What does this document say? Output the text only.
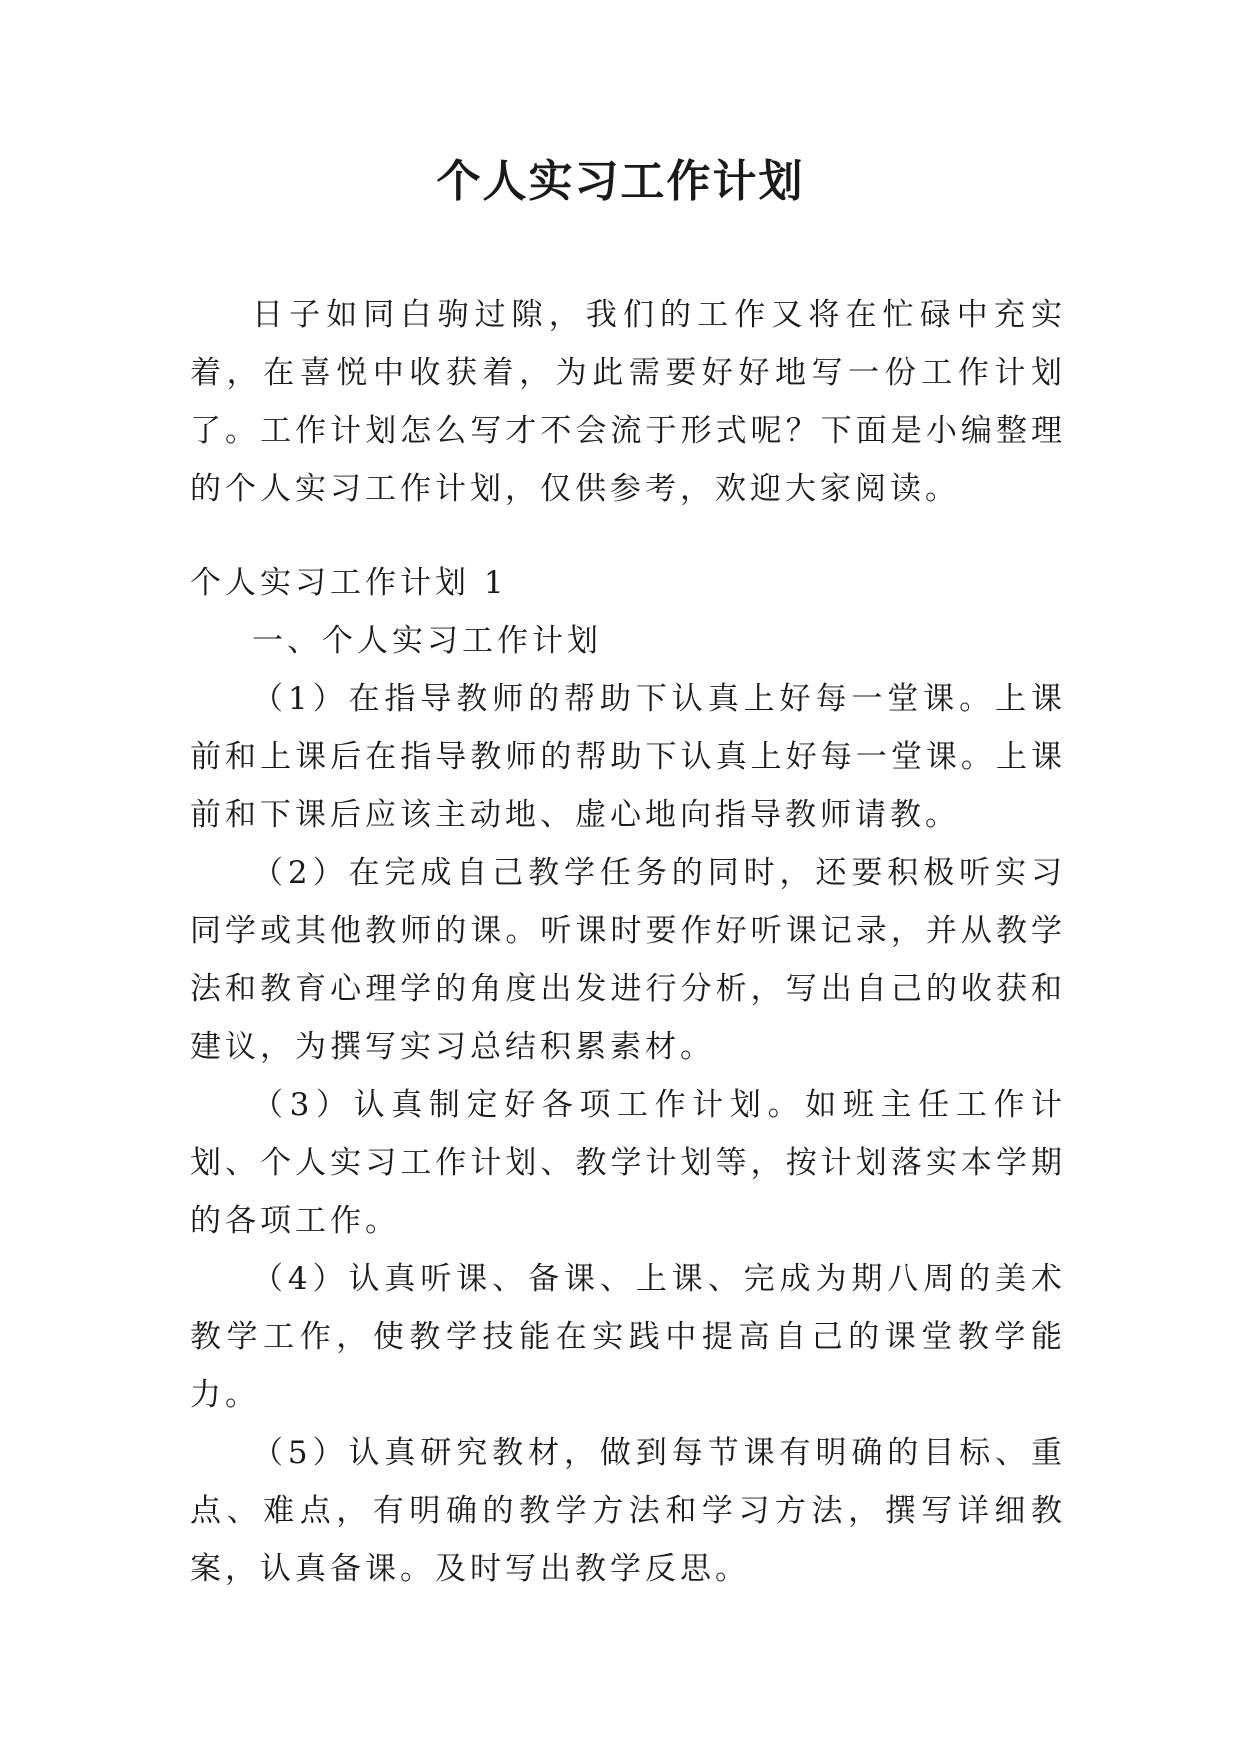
个人实习工作计划

日子如同白驹过隙，我们的工作又将在忙碌中充实着，在喜悦中收获着，为此需要好好地写一份工作计划了。工作计划怎么写才不会流于形式呢？下面是小编整理的个人实习工作计划，仅供参考，欢迎大家阅读。

个人实习工作计划 1

一、个人实习工作计划

（1）在指导教师的帮助下认真上好每一堂课。上课前和上课后在指导教师的帮助下认真上好每一堂课。上课前和下课后应该主动地、虚心地向指导教师请教。

（2）在完成自己教学任务的同时，还要积极听实习同学或其他教师的课。听课时要作好听课记录，并从教学法和教育心理学的角度出发进行分析，写出自己的收获和建议，为撰写实习总结积累素材。

（3）认真制定好各项工作计划。如班主任工作计划、个人实习工作计划、教学计划等，按计划落实本学期的各项工作。

（4）认真听课、备课、上课、完成为期八周的美术教学工作，使教学技能在实践中提高自己的课堂教学能力。

（5）认真研究教材，做到每节课有明确的目标、重点、难点，有明确的教学方法和学习方法，撰写详细教案，认真备课。及时写出教学反思。
